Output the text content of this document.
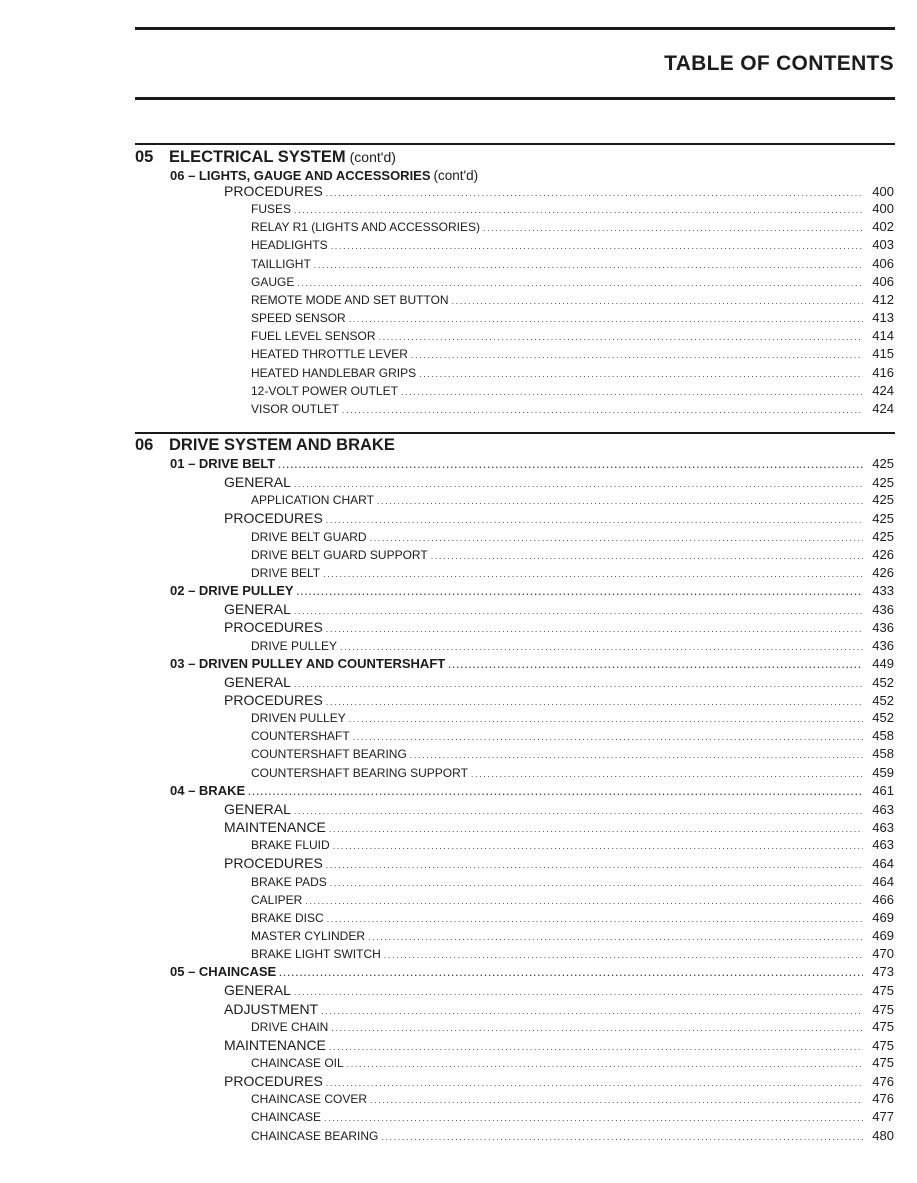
TABLE OF CONTENTS
05 ELECTRICAL SYSTEM (cont'd)
06 – LIGHTS, GAUGE AND ACCESSORIES (cont'd)
PROCEDURES .....	400
FUSES .....	400
RELAY R1 (LIGHTS AND ACCESSORIES) .....	402
HEADLIGHTS .....	403
TAILLIGHT .....	406
GAUGE .....	406
REMOTE MODE AND SET BUTTON .....	412
SPEED SENSOR .....	413
FUEL LEVEL SENSOR .....	414
HEATED THROTTLE LEVER .....	415
HEATED HANDLEBAR GRIPS .....	416
12-VOLT POWER OUTLET .....	424
VISOR OUTLET .....	424
06 DRIVE SYSTEM AND BRAKE
01 – DRIVE BELT .....	425
GENERAL .....	425
APPLICATION CHART .....	425
PROCEDURES .....	425
DRIVE BELT GUARD .....	425
DRIVE BELT GUARD SUPPORT .....	426
DRIVE BELT .....	426
02 – DRIVE PULLEY .....	433
GENERAL .....	436
PROCEDURES .....	436
DRIVE PULLEY .....	436
03 – DRIVEN PULLEY AND COUNTERSHAFT .....	449
GENERAL .....	452
PROCEDURES .....	452
DRIVEN PULLEY .....	452
COUNTERSHAFT .....	458
COUNTERSHAFT BEARING .....	458
COUNTERSHAFT BEARING SUPPORT .....	459
04 – BRAKE .....	461
GENERAL .....	463
MAINTENANCE .....	463
BRAKE FLUID .....	463
PROCEDURES .....	464
BRAKE PADS .....	464
CALIPER .....	466
BRAKE DISC .....	469
MASTER CYLINDER .....	469
BRAKE LIGHT SWITCH .....	470
05 – CHAINCASE .....	473
GENERAL .....	475
ADJUSTMENT .....	475
DRIVE CHAIN .....	475
MAINTENANCE .....	475
CHAINCASE OIL .....	475
PROCEDURES .....	476
CHAINCASE COVER .....	476
CHAINCASE .....	477
CHAINCASE BEARING .....	480
